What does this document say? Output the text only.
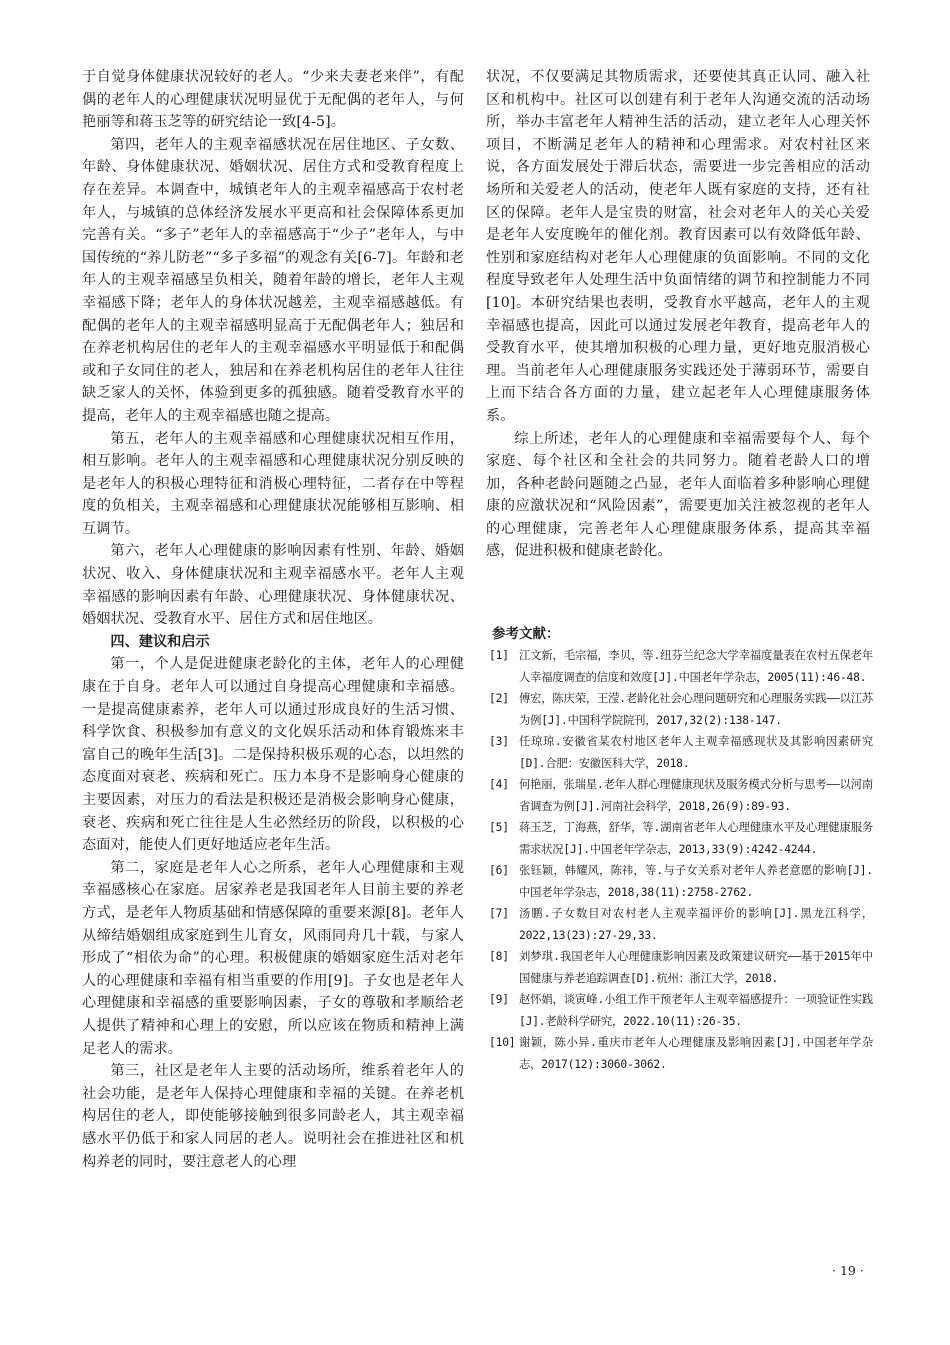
于自觉身体健康状况较好的老人。“少来夫妻老来伴”，有配偶的老年人的心理健康状况明显优于无配偶的老年人，与何艳丽等和蒋玉芝等的研究结论一致[4-5]。

第四，老年人的主观幸福感状况在居住地区、子女数、年龄、身体健康状况、婚姻状况、居住方式和受教育程度上存在差异。本调查中，城镇老年人的主观幸福感高于农村老年人，与城镇的总体经济发展水平更高和社会保障体系更加完善有关。“多子”老年人的幸福感高于“少子”老年人，与中国传统的“养儿防老”“多子多福”的观念有关[6-7]。年龄和老年人的主观幸福感呈负相关，随着年龄的增长，老年人主观幸福感下降；老年人的身体状况越差，主观幸福感越低。有配偶的老年人的主观幸福感明显高于无配偶老年人；独居和在养老机构居住的老年人的主观幸福感水平明显低于和配偶或和子女同住的老人，独居和在养老机构居住的老年人往往缺乏家人的关怀，体验到更多的孤独感。随着受教育水平的提高，老年人的主观幸福感也随之提高。

第五，老年人的主观幸福感和心理健康状况相互作用，相互影响。老年人的主观幸福感和心理健康状况分别反映的是老年人的积极心理特征和消极心理特征，二者存在中等程度的负相关，主观幸福感和心理健康状况能够相互影响、相互调节。

第六，老年人心理健康的影响因素有性别、年龄、婚姻状况、收入、身体健康状况和主观幸福感水平。老年人主观幸福感的影响因素有年龄、心理健康状况、身体健康状况、婚姻状况、受教育水平、居住方式和居住地区。

四、建议和启示

第一，个人是促进健康老龄化的主体，老年人的心理健康在于自身。老年人可以通过自身提高心理健康和幸福感。一是提高健康素养，老年人可以通过形成良好的生活习惯、科学饮食、积极参加有意义的文化娱乐活动和体育锻炼来丰富自己的晚年生活[3]。二是保持积极乐观的心态，以坦然的态度面对衰老、疾病和死亡。压力本身不是影响身心健康的主要因素，对压力的看法是积极还是消极会影响身心健康，衰老、疾病和死亡往往是人生必然经历的阶段，以积极的心态面对，能使人们更好地适应老年生活。

第二，家庭是老年人心之所系，老年人心理健康和主观幸福感核心在家庭。居家养老是我国老年人目前主要的养老方式，是老年人物质基础和情感保障的重要来源[8]。老年人从缔结婚姻组成家庭到生儿育女，风雨同舟几十载，与家人形成了“相依为命”的心理。积极健康的婚姻家庭生活对老年人的心理健康和幸福有相当重要的作用[9]。子女也是老年人心理健康和幸福感的重要影响因素，子女的尊敬和孝顺给老人提供了精神和心理上的安慰，所以应该在物质和精神上满足老人的需求。

第三，社区是老年人主要的活动场所，维系着老年人的社会功能，是老年人保持心理健康和幸福的关键。在养老机构居住的老人，即使能够接触到很多同龄老人，其主观幸福感水平仍低于和家人同居的老人。说明社会在推进社区和机构养老的同时，要注意老人的心理

状况，不仅要满足其物质需求，还要使其真正认同、融入社区和机构中。社区可以创建有利于老年人沟通交流的活动场所，举办丰富老年人精神生活的活动，建立老年人心理关怀项目，不断满足老年人的精神和心理需求。对农村社区来说，各方面发展处于滞后状态，需要进一步完善相应的活动场所和关爱老人的活动，使老年人既有家庭的支持，还有社区的保障。老年人是宝贵的财富，社会对老年人的关心关爱是老年人安度晚年的催化剂。教育因素可以有效降低年龄、性别和家庭结构对老年人心理健康的负面影响。不同的文化程度导致老年人处理生活中负面情绪的调节和控制能力不同[10]。本研究结果也表明，受教育水平越高，老年人的主观幸福感也提高，因此可以通过发展老年教育，提高老年人的受教育水平，使其增加积极的心理力量，更好地克服消极心理。当前老年人心理健康服务实践还处于薄弱环节，需要自上而下结合各方面的力量，建立起老年人心理健康服务体系。

综上所述，老年人的心理健康和幸福需要每个人、每个家庭、每个社区和全社会的共同努力。随着老龄人口的增加，各种老龄问题随之凸显，老年人面临着多种影响心理健康的应激状况和“风险因素”，需要更加关注被忽视的老年人的心理健康，完善老年人心理健康服务体系，提高其幸福感，促进积极和健康老龄化。

参考文献：

[1] 江文新，毛宗福，李贝，等.纽芬兰纪念大学幸福度量表在农村五保老年人幸福度调查的信度和效度[J].中国老年学杂志，2005(11):46-48.
[2] 傅宏，陈庆荣，王滢.老龄化社会心理问题研究和心理服务实践——以江苏为例[J].中国科学院院刊，2017,32(2):138-147.
[3] 任琼琼.安徽省某农村地区老年人主观幸福感现状及其影响因素研究[D].合肥：安徽医科大学，2018.
[4] 何艳丽，张瑞星.老年人群心理健康现状及服务模式分析与思考——以河南省调查为例[J].河南社会科学，2018,26(9):89-93.
[5] 蒋玉芝，丁海燕，舒华，等.湖南省老年人心理健康水平及心理健康服务需求状况[J].中国老年学杂志，2013,33(9):4242-4244.
[6] 张钰颖，韩耀风，陈祎，等.与子女关系对老年人养老意愿的影响[J].中国老年学杂志，2018,38(11):2758-2762.
[7] 汤鹏.子女数目对农村老人主观幸福评价的影响[J].黑龙江科学，2022,13(23):27-29,33.
[8] 刘梦琪.我国老年人心理健康影响因素及政策建议研究——基于2015年中国健康与养老追踪调查[D].杭州：浙江大学，2018.
[9] 赵怀娟，谈寅峰.小组工作干预老年人主观幸福感提升：一项验证性实践[J].老龄科学研究，2022.10(11):26-35.
[10] 谢颖，陈小异.重庆市老年人心理健康及影响因素[J].中国老年学杂志，2017(12):3060-3062.
· 19 ·
